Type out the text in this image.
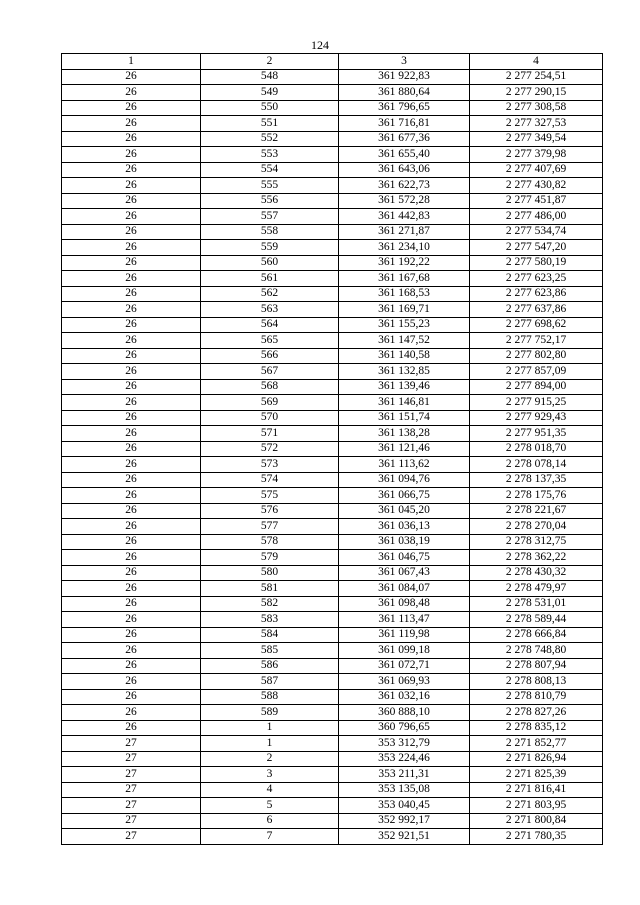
124
1	2	3	4
26	548	361 922,83	2 277 254,51
26	549	361 880,64	2 277 290,15
26	550	361 796,65	2 277 308,58
26	551	361 716,81	2 277 327,53
26	552	361 677,36	2 277 349,54
26	553	361 655,40	2 277 379,98
26	554	361 643,06	2 277 407,69
26	555	361 622,73	2 277 430,82
26	556	361 572,28	2 277 451,87
26	557	361 442,83	2 277 486,00
26	558	361 271,87	2 277 534,74
26	559	361 234,10	2 277 547,20
26	560	361 192,22	2 277 580,19
26	561	361 167,68	2 277 623,25
26	562	361 168,53	2 277 623,86
26	563	361 169,71	2 277 637,86
26	564	361 155,23	2 277 698,62
26	565	361 147,52	2 277 752,17
26	566	361 140,58	2 277 802,80
26	567	361 132,85	2 277 857,09
26	568	361 139,46	2 277 894,00
26	569	361 146,81	2 277 915,25
26	570	361 151,74	2 277 929,43
26	571	361 138,28	2 277 951,35
26	572	361 121,46	2 278 018,70
26	573	361 113,62	2 278 078,14
26	574	361 094,76	2 278 137,35
26	575	361 066,75	2 278 175,76
26	576	361 045,20	2 278 221,67
26	577	361 036,13	2 278 270,04
26	578	361 038,19	2 278 312,75
26	579	361 046,75	2 278 362,22
26	580	361 067,43	2 278 430,32
26	581	361 084,07	2 278 479,97
26	582	361 098,48	2 278 531,01
26	583	361 113,47	2 278 589,44
26	584	361 119,98	2 278 666,84
26	585	361 099,18	2 278 748,80
26	586	361 072,71	2 278 807,94
26	587	361 069,93	2 278 808,13
26	588	361 032,16	2 278 810,79
26	589	360 888,10	2 278 827,26
26	1	360 796,65	2 278 835,12
27	1	353 312,79	2 271 852,77
27	2	353 224,46	2 271 826,94
27	3	353 211,31	2 271 825,39
27	4	353 135,08	2 271 816,41
27	5	353 040,45	2 271 803,95
27	6	352 992,17	2 271 800,84
27	7	352 921,51	2 271 780,35
